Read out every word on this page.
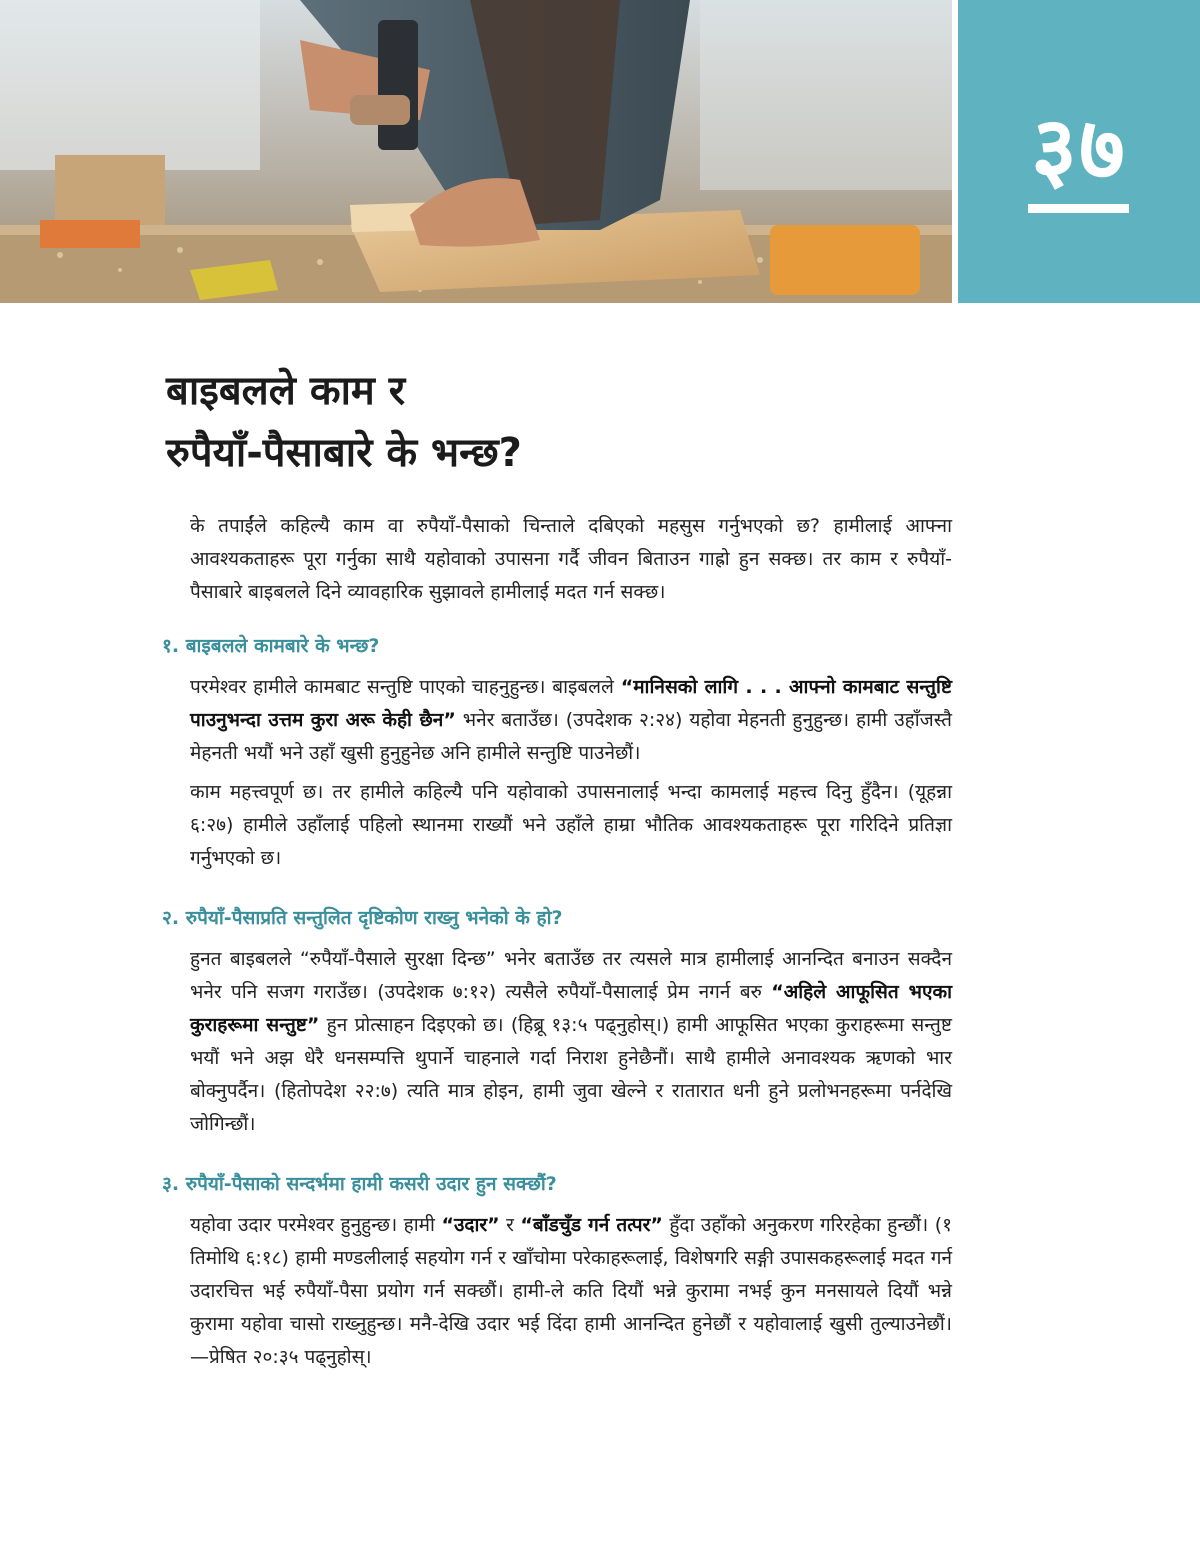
३७
बाइबलले काम र
रुपैयाँ-पैसाबारे के भन्छ?

के तपाईंले कहिल्यै काम वा रुपैयाँ-पैसाको चिन्ताले दबिएको महसुस गर्नुभएको छ? हामीलाई आफ्ना आवश्यकताहरू पूरा गर्नुका साथै यहोवाको उपासना गर्दै जीवन बिताउन गाह्रो हुन सक्छ। तर काम र रुपैयाँ-पैसाबारे बाइबलले दिने व्यावहारिक सुझावले हामीलाई मदत गर्न सक्छ।

१. बाइबलले कामबारे के भन्छ?

परमेश्वर हामीले कामबाट सन्तुष्टि पाएको चाहनुहुन्छ। बाइबलले “मानिसको लागि . . . आफ्नो कामबाट सन्तुष्टि पाउनुभन्दा उत्तम कुरा अरू केही छैन” भनेर बताउँछ। (उपदेशक २:२४) यहोवा मेहनती हुनुहुन्छ। हामी उहाँजस्तै मेहनती भयौं भने उहाँ खुसी हुनुहुनेछ अनि हामीले सन्तुष्टि पाउनेछौं।

काम महत्त्वपूर्ण छ। तर हामीले कहिल्यै पनि यहोवाको उपासनालाई भन्दा कामलाई महत्त्व दिनु हुँदैन। (यूहन्ना ६:२७) हामीले उहाँलाई पहिलो स्थानमा राख्यौं भने उहाँले हाम्रा भौतिक आवश्यकताहरू पूरा गरिदिने प्रतिज्ञा गर्नुभएको छ।

२. रुपैयाँ-पैसाप्रति सन्तुलित दृष्टिकोण राख्नु भनेको के हो?

हुनत बाइबलले “रुपैयाँ-पैसाले सुरक्षा दिन्छ” भनेर बताउँछ तर त्यसले मात्र हामीलाई आनन्दित बनाउन सक्दैन भनेर पनि सजग गराउँछ। (उपदेशक ७:१२) त्यसैले रुपैयाँ-पैसालाई प्रेम नगर्न बरु “अहिले आफूसित भएका कुराहरूमा सन्तुष्ट” हुन प्रोत्साहन दिइएको छ। (हिब्रू १३:५ पढ्नुहोस्।) हामी आफूसित भएका कुराहरूमा सन्तुष्ट भयौं भने अझ धेरै धनसम्पत्ति थुपार्ने चाहनाले गर्दा निराश हुनेछैनौं। साथै हामीले अनावश्यक ऋणको भार बोक्नुपर्दैन। (हितोपदेश २२:७) त्यति मात्र होइन, हामी जुवा खेल्ने र रातारात धनी हुने प्रलोभनहरूमा पर्नदेखि जोगिन्छौं।

३. रुपैयाँ-पैसाको सन्दर्भमा हामी कसरी उदार हुन सक्छौं?

यहोवा उदार परमेश्वर हुनुहुन्छ। हामी “उदार” र “बाँडचुँड गर्न तत्पर” हुँदा उहाँको अनुकरण गरिरहेका हुन्छौं। (१ तिमोथि ६:१८) हामी मण्डलीलाई सहयोग गर्न र खाँचोमा परेकाहरूलाई, विशेषगरि सङ्गी उपासकहरूलाई मदत गर्न उदारचित्त भई रुपैयाँ-पैसा प्रयोग गर्न सक्छौं। हामी-ले कति दियौं भन्ने कुरामा नभई कुन मनसायले दियौं भन्ने कुरामा यहोवा चासो राख्नुहुन्छ। मनै-देखि उदार भई दिंदा हामी आनन्दित हुनेछौं र यहोवालाई खुसी तुल्याउनेछौं।—प्रेषित २०:३५ पढ्नुहोस्।
